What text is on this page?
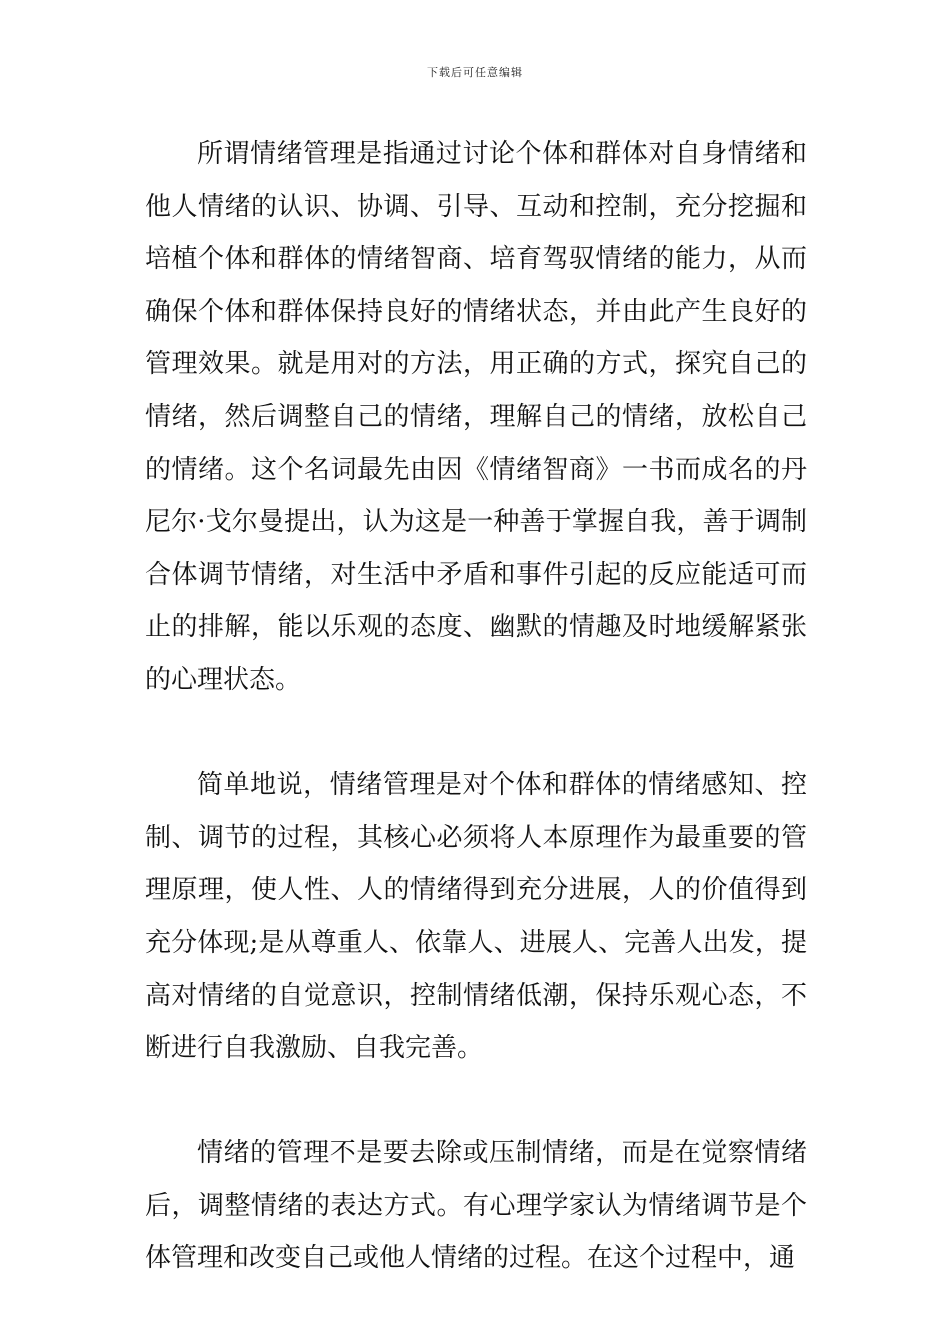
下载后可任意编辑

所谓情绪管理是指通过讨论个体和群体对自身情绪和他人情绪的认识、协调、引导、互动和控制，充分挖掘和培植个体和群体的情绪智商、培育驾驭情绪的能力，从而确保个体和群体保持良好的情绪状态，并由此产生良好的管理效果。就是用对的方法，用正确的方式，探究自己的情绪，然后调整自己的情绪，理解自己的情绪，放松自己的情绪。这个名词最先由因《情绪智商》一书而成名的丹尼尔·戈尔曼提出，认为这是一种善于掌握自我，善于调制合体调节情绪，对生活中矛盾和事件引起的反应能适可而止的排解，能以乐观的态度、幽默的情趣及时地缓解紧张的心理状态。

简单地说，情绪管理是对个体和群体的情绪感知、控制、调节的过程，其核心必须将人本原理作为最重要的管理原理，使人性、人的情绪得到充分进展，人的价值得到充分体现;是从尊重人、依靠人、进展人、完善人出发，提高对情绪的自觉意识，控制情绪低潮，保持乐观心态，不断进行自我激励、自我完善。

情绪的管理不是要去除或压制情绪，而是在觉察情绪后，调整情绪的表达方式。有心理学家认为情绪调节是个体管理和改变自己或他人情绪的过程。在这个过程中，通
